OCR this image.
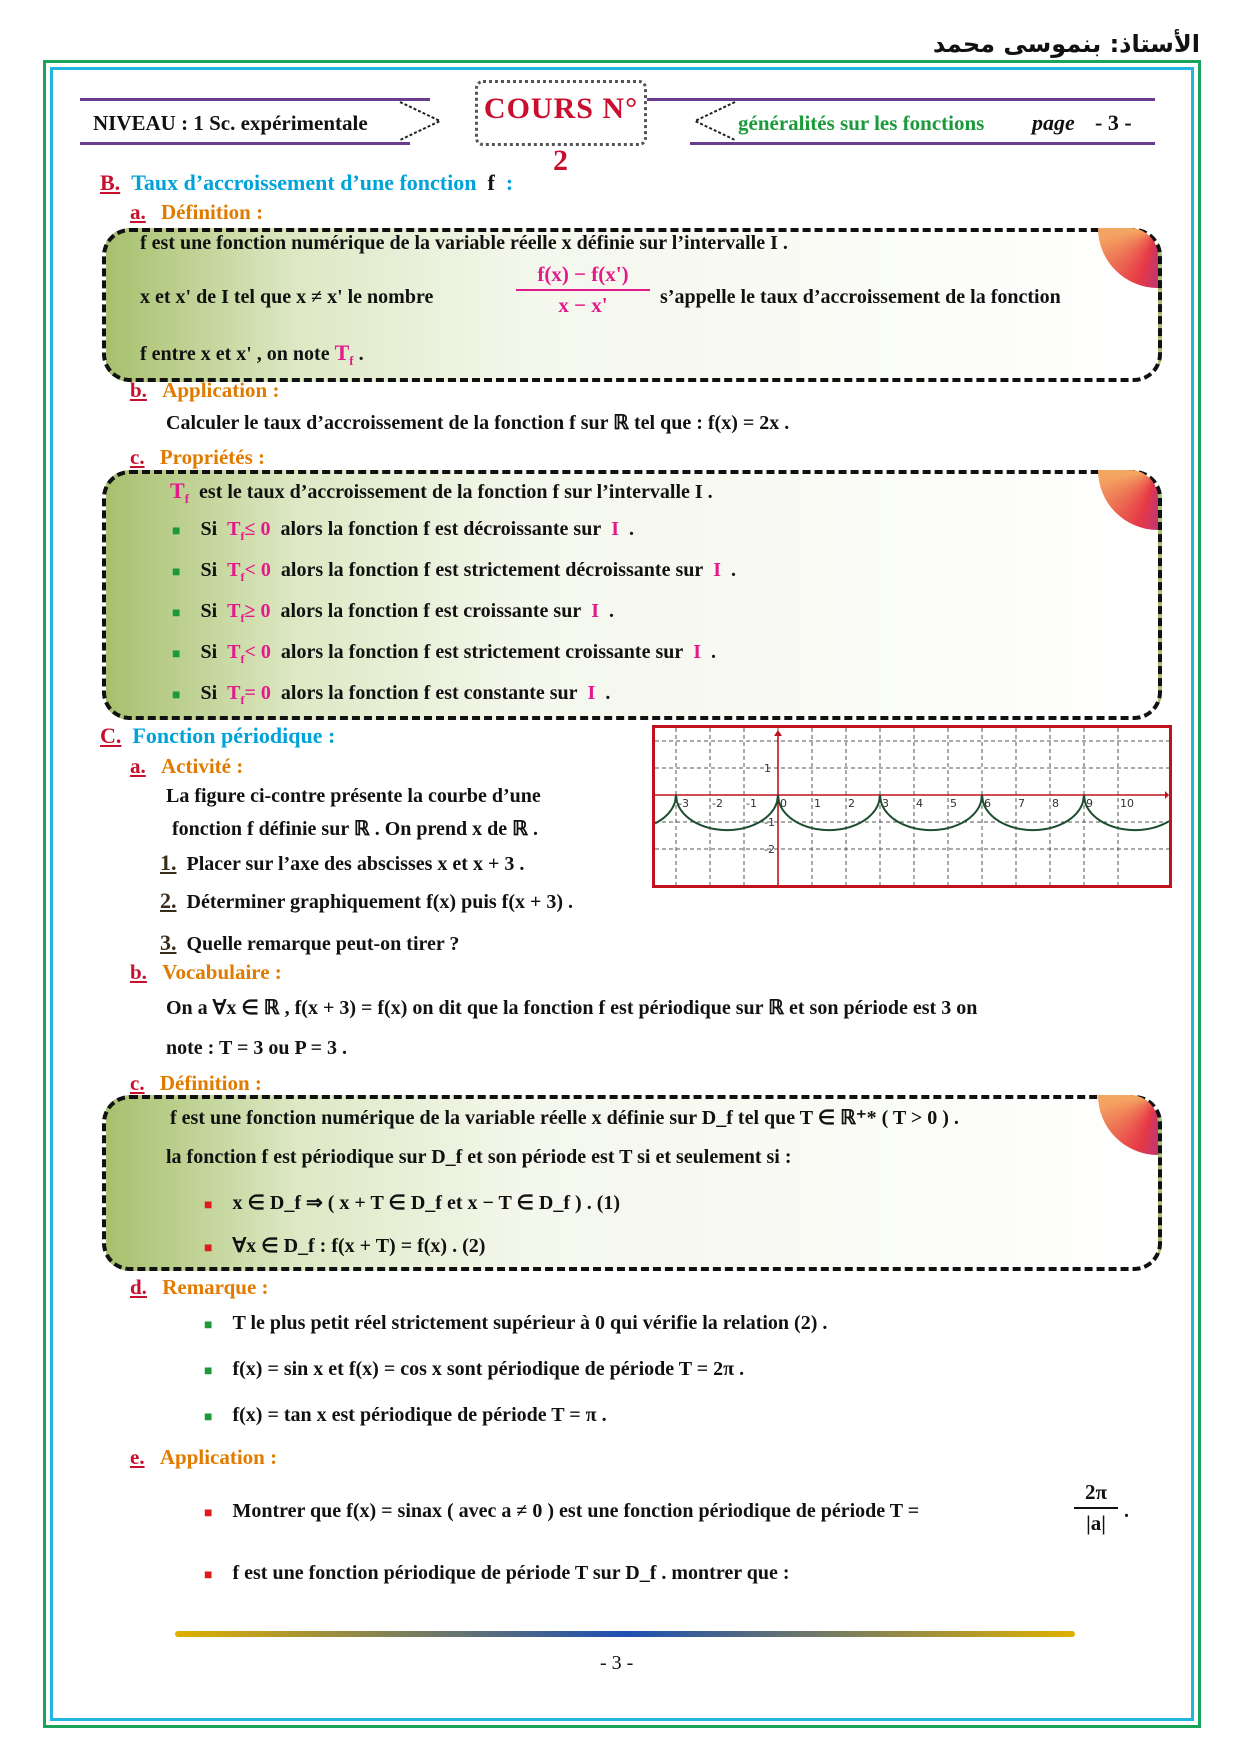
الأستاذ: بنموسى محمد
NIVEAU : 1 Sc. expérimentale	COURS N° 2
généralités sur les fonctions page - 3 -
B. Taux d’accroissement d’une fonction f :
a. Définition :
f est une fonction numérique de la variable réelle x définie sur l’intervalle I .
x et x' de I tel que x ≠ x' le nombre
f(x) − f(x')
x − x'	s’appelle le taux d’accroissement de la fonction
f entre x et x' , on note $T_f$ .
b. Application :
Calculer le taux d’accroissement de la fonction f sur ℝ tel que : f(x) = 2x .
c. Propriétés :
$T_f$ est le taux d’accroissement de la fonction f sur l’intervalle I .
■ Si $T_f\le 0$ alors la fonction f est décroissante sur I .
■ Si $T_f< 0$ alors la fonction f est strictement décroissante sur I .
■ Si $T_f\ge 0$ alors la fonction f est croissante sur I .
■ Si $T_f< 0$ alors la fonction f est strictement croissante sur I .
■ Si $T_f= 0$ alors la fonction f est constante sur I .
C. Fonction périodique :
a. Activité :
La figure ci-contre présente la courbe d’une
fonction f définie sur ℝ . On prend x de ℝ .
1. Placer sur l’axe des abscisses x et x + 3 .
2. Déterminer graphiquement f(x) puis f(x + 3) .
3. Quelle remarque peut-on tirer ?
-3 -2 -1 0 1 2 3 4 5 6 7 8 9 10
1
-1
-2
b. Vocabulaire :
On a ∀x ∈ ℝ , f(x + 3) = f(x) on dit que la fonction f est périodique sur ℝ et son période est 3 on
note : T = 3 ou P = 3 .
c. Définition :
f est une fonction numérique de la variable réelle x définie sur D_f tel que T ∈ ℝ⁺* ( T > 0 ) .
la fonction f est périodique sur D_f et son période est T si et seulement si :
■ x ∈ D_f ⇒ ( x + T ∈ D_f et x − T ∈ D_f ) . (1)
■ ∀x ∈ D_f : f(x + T) = f(x) . (2)
d. Remarque :
■ T le plus petit réel strictement supérieur à 0 qui vérifie la relation (2) .
■ f(x) = sin x et f(x) = cos x sont périodique de période T = 2π .
■ f(x) = tan x est périodique de période T = π .
e. Application :
■ Montrer que f(x) = sinax ( avec a ≠ 0 ) est une fonction périodique de période T =
2π
|a| .
■ f est une fonction périodique de période T sur D_f . montrer que :
- 3 -
